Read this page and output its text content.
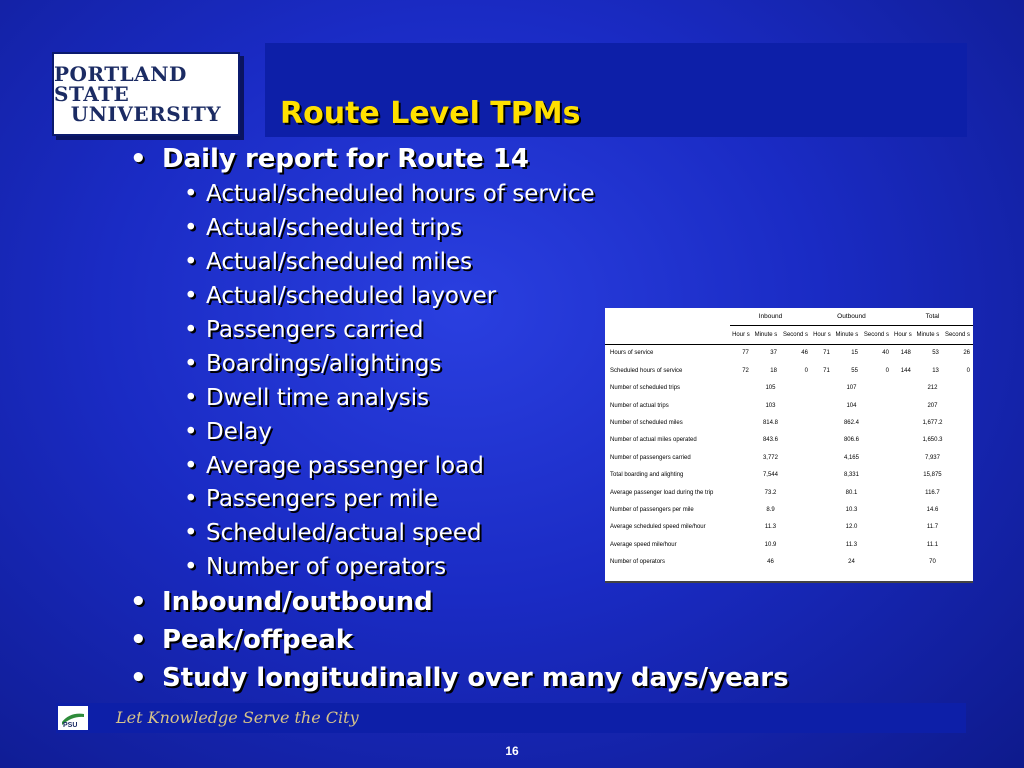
PORTLAND STATE
UNIVERSITY Route Level TPMs
• Daily report for Route 14
• Actual/scheduled hours of service
• Actual/scheduled trips
• Actual/scheduled miles
• Actual/scheduled layover
• Passengers carried
• Boardings/alightings
• Dwell time analysis
• Delay
• Average passenger load
• Passengers per mile
• Scheduled/actual speed
• Number of operators
• Inbound/outbound
• Peak/offpeak
• Study longitudinally over many days/years
	Inbound			Outbound			Total		
	Hour s	Minute s	Second s	Hour s	Minute s	Second s	Hour s	Minute s	Second s
Hours of service	77	37	46	71	15	40	148	53	26
Scheduled hours of service	72	18	0	71	55	0	144	13	0
Number of scheduled trips	105			107			212		
Number of actual trips	103			104			207		
Number of scheduled miles	814.8			862.4			1,677.2		
Number of actual miles operated	843.6			806.6			1,650.3		
Number of passengers carried	3,772			4,165			7,937		
Total boarding and alighting	7,544			8,331			15,875		
Average passenger load during the trip	73.2			80.1			116.7		
Number of passengers per mile	8.9			10.3			14.6		
Average scheduled speed mile/hour	11.3			12.0			11.7		
Average speed mile/hour	10.9			11.3			11.1		
Number of operators	46			24			70		
PSU Let Knowledge Serve the City
16
